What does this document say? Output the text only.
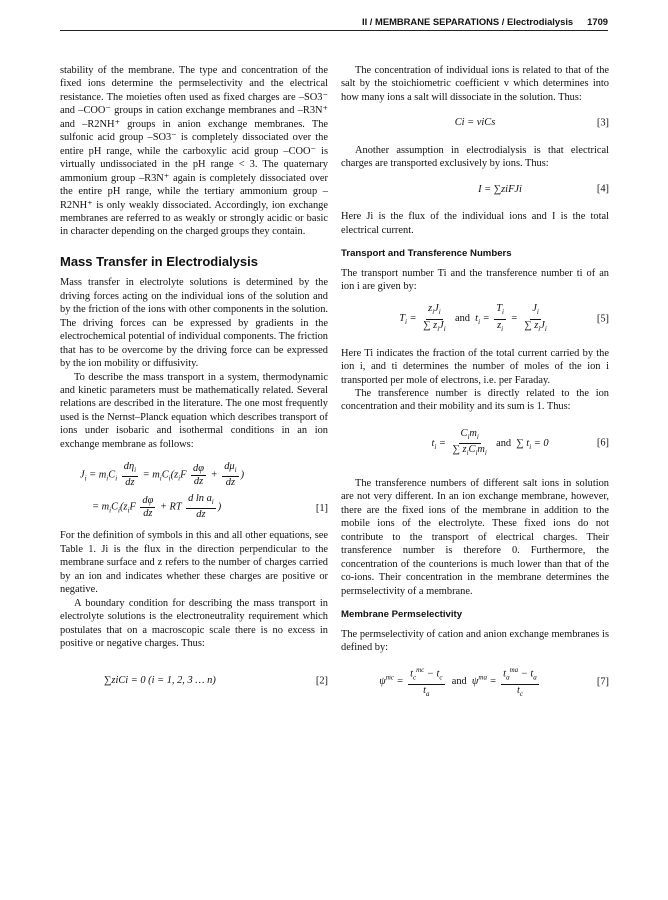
II / MEMBRANE SEPARATIONS / Electrodialysis 1709

stability of the membrane. The type and concentration of the fixed ions determine the permselectivity and the electrical resistance. The moieties often used as fixed charges are –SO3⁻ and –COO⁻ groups in cation exchange membranes and –R3N⁺ and –R2NH⁺ groups in anion exchange membranes. The sulfonic acid group –SO3⁻ is completely dissociated over the entire pH range, while the carboxylic acid group –COO⁻ is virtually undissociated in the pH range < 3. The quaternary ammonium group –R3N⁺ again is completely dissociated over the entire pH range, while the tertiary ammonium group –R2NH⁺ is only weakly dissociated. Accordingly, ion exchange membranes are referred to as weakly or strongly acidic or basic in character depending on the charged groups they contain.

Mass Transfer in Electrodialysis

Mass transfer in electrolyte solutions is determined by the driving forces acting on the individual ions of the solution and by the friction of the ions with other components in the solution. The driving forces can be expressed by gradients in the electrochemical potential of individual components. The friction that has to be overcome by the driving force can be expressed by the ion mobility or diffusivity.

To describe the mass transport in a system, thermodynamic and kinetic parameters must be mathematically related. Several relations are described in the literature. The one most frequently used is the Nernst–Planck equation which describes transport of ions under isobaric and isothermal conditions in an ion exchange membrane as follows:

$J_i = m_iC_i \frac{d\eta_i}{dz} = m_iC_i(z_iF \frac{d\varphi}{dz} + \frac{d\mu_i}{dz}$ )
= $m_iC_i(z_iF \frac{d\varphi}{dz}$ + RT $\frac{d \ln a_i}{dz}$ )	[1]

For the definition of symbols in this and all other equations, see Table 1. Ji is the flux in the direction perpendicular to the membrane surface and z refers to the number of charges carried by an ion and indicates whether these charges are positive or negative.

A boundary condition for describing the mass transport in electrolyte solutions is the electroneutrality requirement which postulates that on a macroscopic scale there is no excess in positive or negative charges. Thus:

∑ziCi = 0 (i = 1, 2, 3 … n)	[2]

The concentration of individual ions is related to that of the salt by the stoichiometric coefficient v which determines into how many ions a salt will dissociate in the solution. Thus:

Ci = viCs	[3]

Another assumption in electrodialysis is that electrical charges are transported exclusively by ions. Thus:

I = ∑ziFJi	[4]

Here Ji is the flux of the individual ions and I is the total electrical current.

Transport and Transference Numbers

The transport number Ti and the transference number ti of an ion i are given by:

$T_i = \frac{z_iJ_i}{\sum z_iJ_i}$ and  $t_i = \frac{T_i}{z_i} = \frac{J_i}{\sum z_iJ_i}$	[5]

Here Ti indicates the fraction of the total current carried by the ion i, and ti determines the number of moles of the ion i transported per mole of electrons, i.e. per Faraday.

The transference number is directly related to the ion concentration and their mobility and its sum is 1. Thus:

$t_i = \frac{C_im_i}{\sum z_iC_im_i}$ and  ∑ $t_i = 0$	[6]

The transference numbers of different salt ions in solution are not very different. In an ion exchange membrane, however, there are the fixed ions of the membrane in addition to the mobile ions of the electrolyte. These fixed ions do not contribute to the transport of electrical charges. Their transference number is therefore 0. Furthermore, the concentration of the counterions is much lower than that of the co-ions. Their concentration in the membrane determines the permselectivity of a membrane.

Membrane Permselectivity

The permselectivity of cation and anion exchange membranes is defined by:

$\psi^{mc} = \frac{t_c^{mc} - t_c}{t_a}$ and  $\psi^{ma} = \frac{t_a^{ma} - t_a}{t_c}$	[7]
